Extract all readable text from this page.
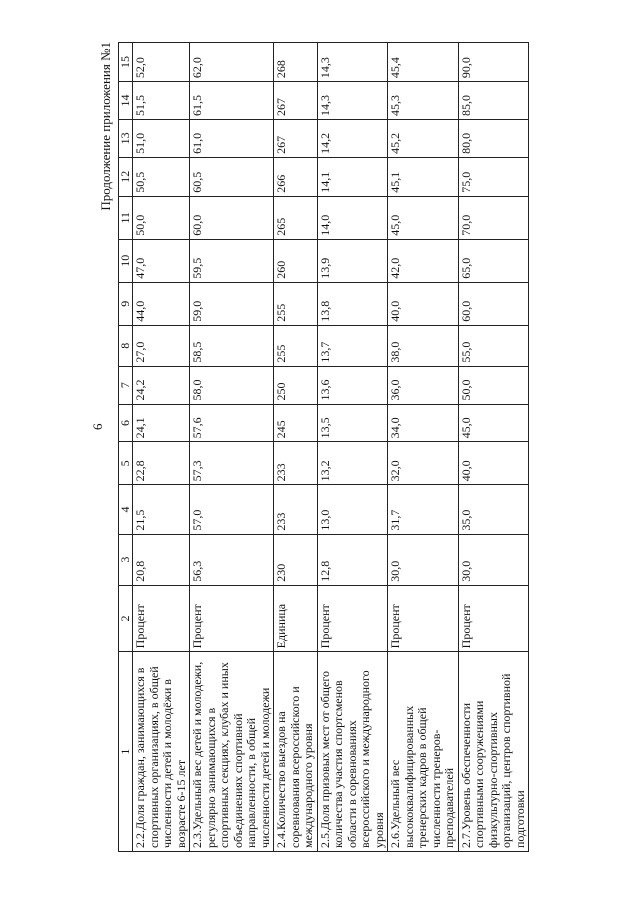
6
Продолжение приложения №1
1	2	3	4	5	6	7	8	9	10	11	12	13	14	15
2.2.Доля граждан, занимающихся в спортивных организациях, в общей численности детей и молодёжи в возрасте 6-15 лет	Процент	20,8	21,5	22,8	24,1	24,2	27,0	44,0	47,0	50,0	50,5	51,0	51,5	52,0
2.3.Удельный вес детей и молодежи, регулярно занимающихся в спортивных секциях, клубах и иных объединениях спортивной направленности, в общей численности детей и молодежи	Процент	56,3	57,0	57,3	57,6	58,0	58,5	59,0	59,5	60,0	60,5	61,0	61,5	62,0
2.4.Количество выездов на соревнования всероссийского и международного уровня	Единица	230	233	233	245	250	255	255	260	265	266	267	267	268
2.5.Доля призовых мест от общего количества участия спортсменов области в соревнованиях всероссийского и международного уровня	Процент	12,8	13,0	13,2	13,5	13,6	13,7	13,8	13,9	14,0	14,1	14,2	14,3	14,3
2.6.Удельный вес высококвалифицированных тренерских кадров в общей численности тренеров-преподавателей	Процент	30,0	31,7	32,0	34,0	36,0	38,0	40,0	42,0	45,0	45,1	45,2	45,3	45,4
2.7.Уровень обеспеченности спортивными сооружениями физкультурно-спортивных организаций, центров спортивной подготовки	Процент	30,0	35,0	40,0	45,0	50,0	55,0	60,0	65,0	70,0	75,0	80,0	85,0	90,0
